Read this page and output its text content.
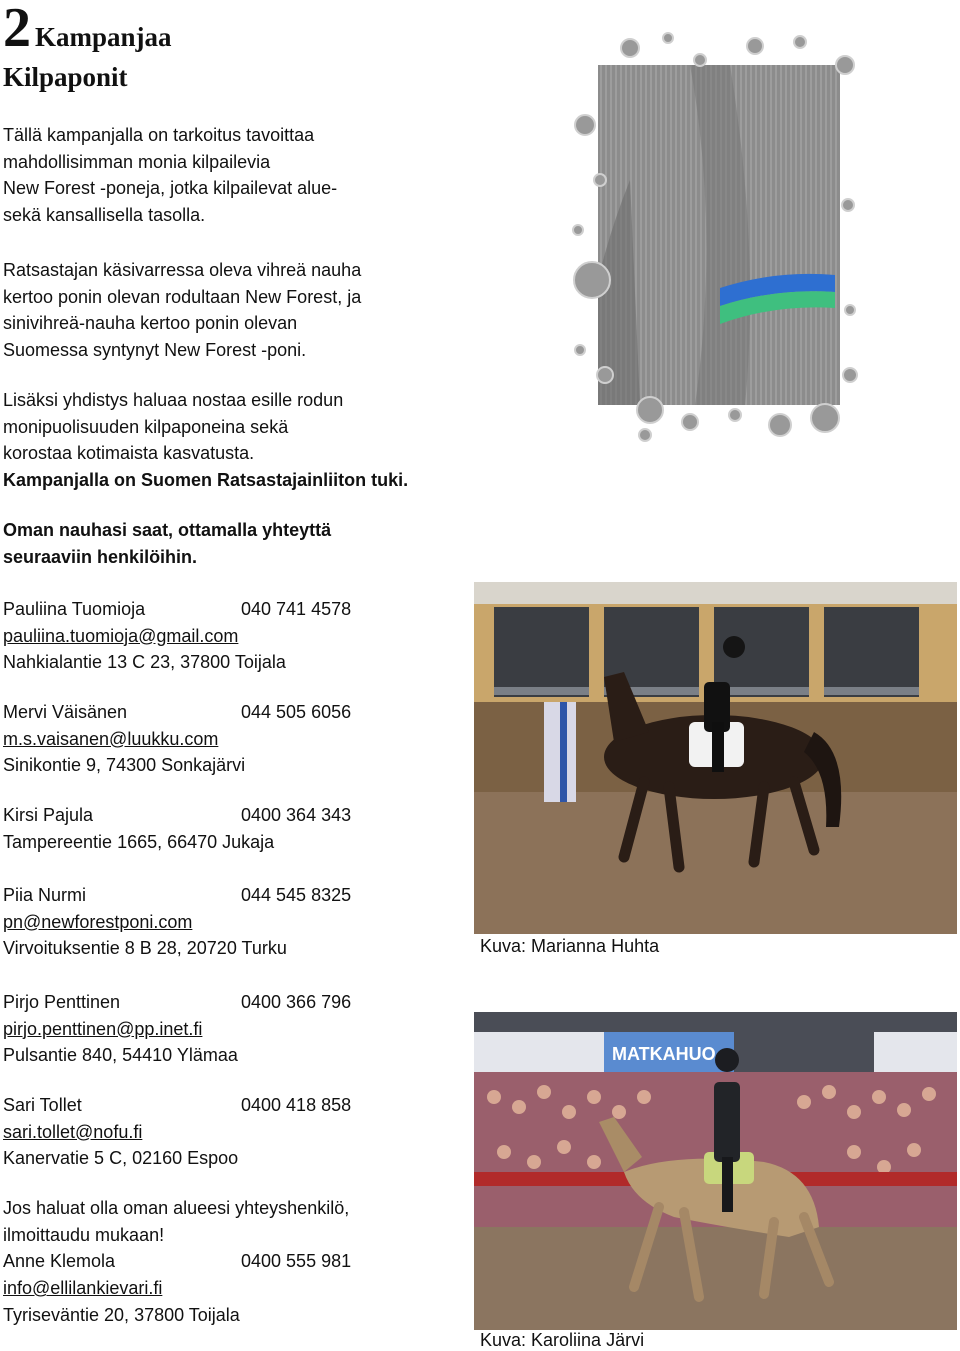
2 Kampanjaa
Kilpaponit
Tällä kampanjalla on tarkoitus tavoittaa
mahdollisimman monia kilpailevia
New Forest -poneja, jotka kilpailevat alue-
sekä kansallisella tasolla.
Ratsastajan käsivarressa oleva vihreä nauha
kertoo ponin olevan rodultaan New Forest, ja
sinivihreä-nauha kertoo ponin olevan
Suomessa syntynyt New Forest -poni.
Lisäksi yhdistys haluaa nostaa esille rodun
monipuolisuuden kilpaponeina sekä
korostaa kotimaista kasvatusta.
Kampanjalla on Suomen Ratsastajainliiton tuki.
Oman nauhasi saat, ottamalla yhteyttä
seuraaviin henkilöihin.
Pauliina Tuomioja	040 741 4578
pauliina.tuomioja@gmail.com
Nahkialantie 13 C 23, 37800 Toijala
Mervi Väisänen	044 505 6056
m.s.vaisanen@luukku.com
Sinikontie 9, 74300 Sonkajärvi
Kirsi Pajula	0400 364 343
Tampereentie 1665, 66470 Jukaja
Piia Nurmi	044 545 8325
pn@newforestponi.com
Virvoituksentie 8 B 28, 20720 Turku
Pirjo Penttinen	0400 366 796
pirjo.penttinen@pp.inet.fi
Pulsantie 840, 54410 Ylämaa
Sari Tollet	0400 418 858
sari.tollet@nofu.fi
Kanervatie 5 C, 02160 Espoo
Jos haluat olla oman alueesi yhteyshenkilö,
ilmoittaudu mukaan!
Anne Klemola	0400 555 981
info@ellilankievari.fi
Tyriseväntie 20, 37800 Toijala
Kuva: Marianna Huhta
MATKAHUO
Kuva: Karoliina Järvi
